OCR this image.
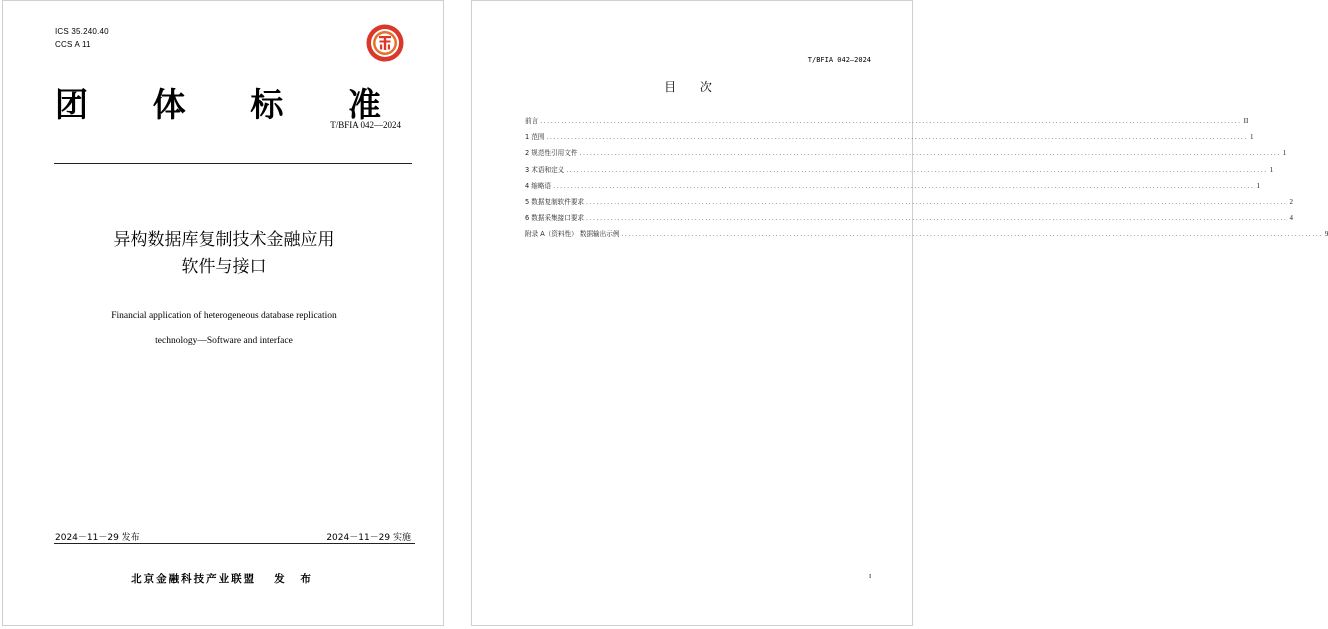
ICS 35.240.40
CCS A 11
团 体 标 准
T/BFIA 042—2024
异构数据库复制技术金融应用
软件与接口
Financial application of heterogeneous database replication
technology—Software and interface
2024－11－29 发布	2024－11－29 实施
北京金融科技产业联盟 发 布
T/BFIA 042—2024
目 次
前言 ........................................................................................................................................................................................................ II
1 范围 ........................................................................................................................................................................................................ 1
2 规范性引用文件 ........................................................................................................................................................................................................ 1
3 术语和定义 ........................................................................................................................................................................................................ 1
4 缩略语 ........................................................................................................................................................................................................ 1
5 数据复制软件要求 ........................................................................................................................................................................................................ 2
6 数据采集接口要求 ........................................................................................................................................................................................................ 4
附录 A（资料性） 数据输出示例 ........................................................................................................................................................................................................ 9
I
